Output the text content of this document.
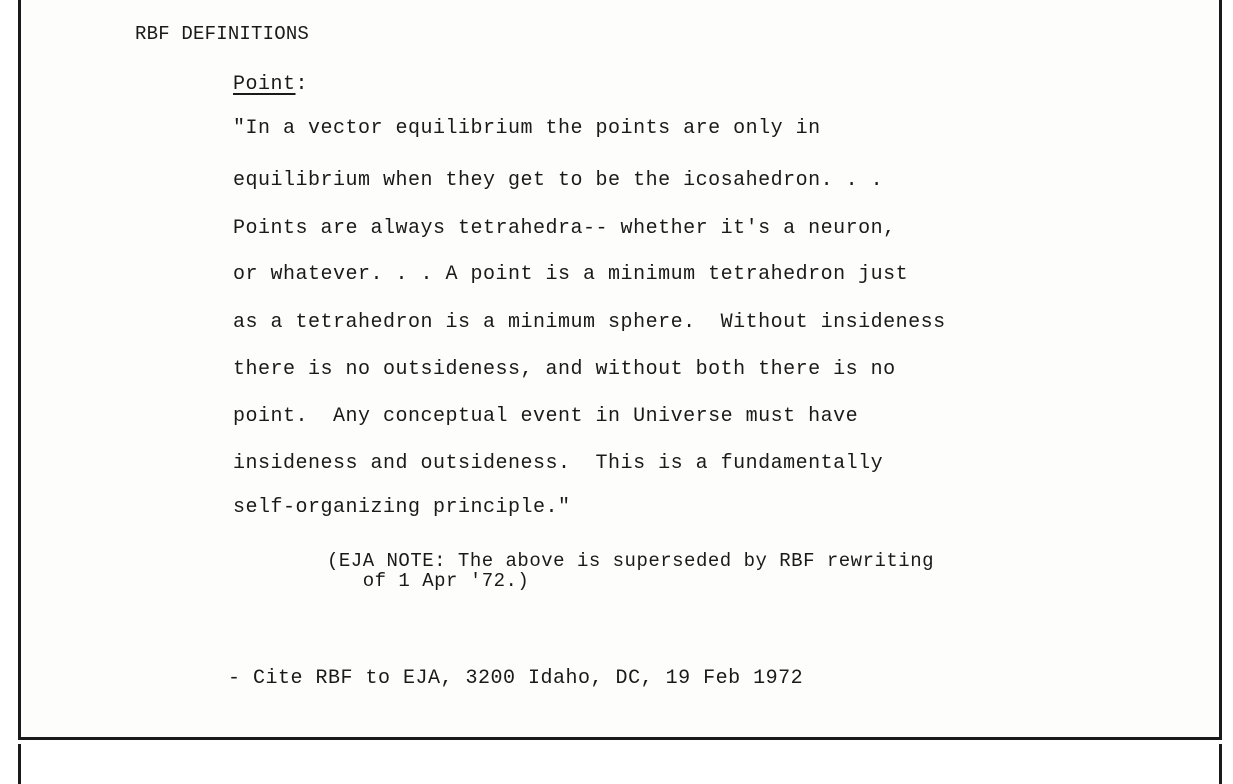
RBF DEFINITIONS
Point:
"In a vector equilibrium the points are only in
equilibrium when they get to be the icosahedron. . .
Points are always tetrahedra-- whether it's a neuron,
or whatever. . . A point is a minimum tetrahedron just
as a tetrahedron is a minimum sphere.  Without insideness
there is no outsideness, and without both there is no
point.  Any conceptual event in Universe must have
insideness and outsideness.  This is a fundamentally
self-organizing principle."
(EJA NOTE: The above is superseded by RBF rewriting
of 1 Apr '72.)
- Cite RBF to EJA, 3200 Idaho, DC, 19 Feb 1972
